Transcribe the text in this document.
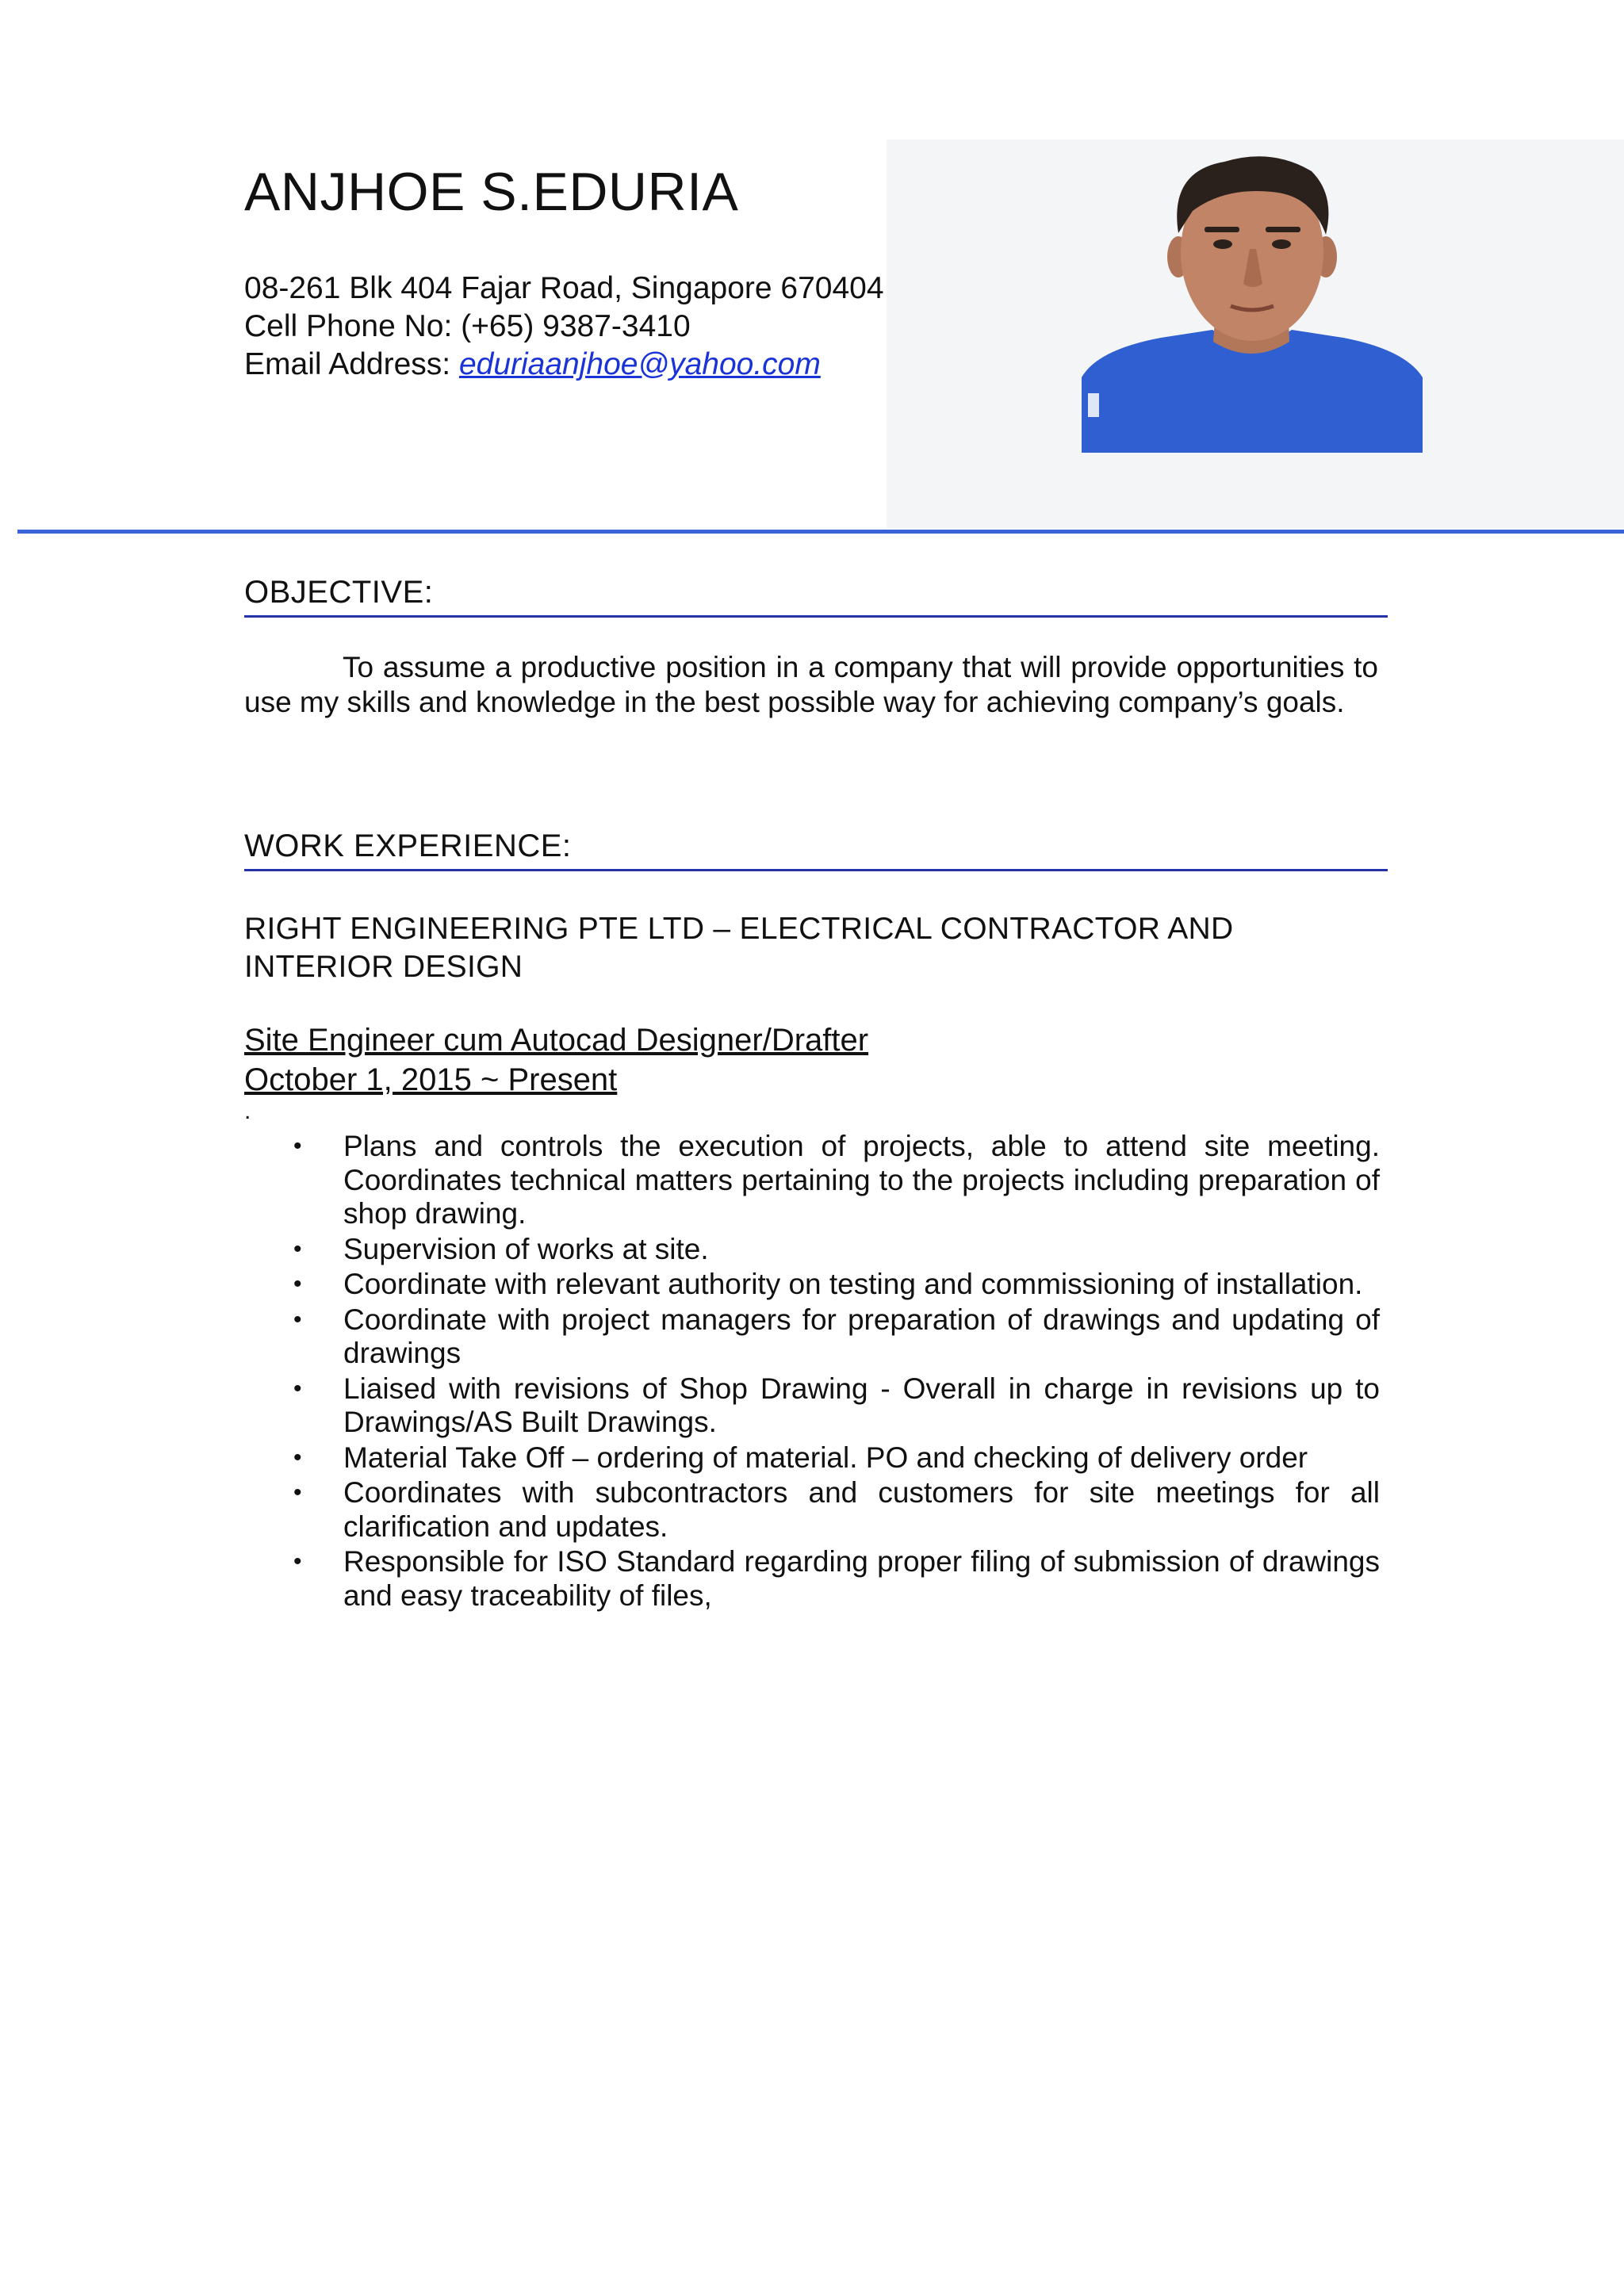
ANJHOE S.EDURIA
08-261 Blk 404 Fajar Road, Singapore 670404
Cell Phone No: (+65) 9387-3410
Email Address: eduriaanjhoe@yahoo.com
OBJECTIVE:

To assume a productive position in a company that will provide opportunities to use my skills and knowledge in the best possible way for achieving company’s goals.

WORK EXPERIENCE:

RIGHT ENGINEERING PTE LTD – ELECTRICAL CONTRACTOR AND INTERIOR DESIGN

Site Engineer cum Autocad Designer/Drafter
October 1, 2015 ~ Present
.
• Plans and controls the execution of projects, able to attend site meeting. Coordinates technical matters pertaining to the projects including preparation of shop drawing.
• Supervision of works at site.
• Coordinate with relevant authority on testing and commissioning of installation.
• Coordinate with project managers for preparation of drawings and updating of drawings
• Liaised with revisions of Shop Drawing - Overall in charge in revisions up to Drawings/AS Built Drawings.
• Material Take Off – ordering of material. PO and checking of delivery order
• Coordinates with subcontractors and customers for site meetings for all clarification and updates.
• Responsible for ISO Standard regarding proper filing of submission of drawings and easy traceability of files,
